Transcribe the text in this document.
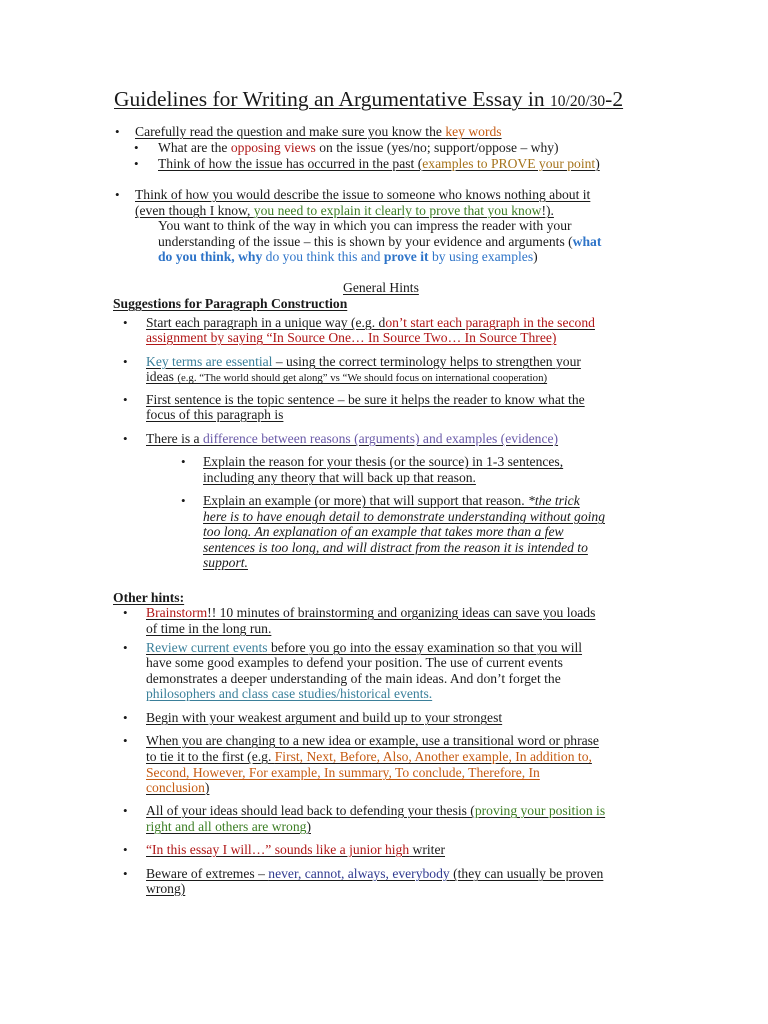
Guidelines for Writing an Argumentative Essay in 10/20/30-2
•	Carefully read the question and make sure you know the key words
• What are the opposing views on the issue (yes/no; support/oppose – why)
• Think of how the issue has occurred in the past (examples to PROVE your point)
•	Think of how you would describe the issue to someone who knows nothing about it
(even though I know, you need to explain it clearly to prove that you know!).
You want to think of the way in which you can impress the reader with your
understanding of the issue – this is shown by your evidence and arguments (what
do you think, why do you think this and prove it by using examples)
General Hints
Suggestions for Paragraph Construction
•	Start each paragraph in a unique way (e.g. don’t start each paragraph in the second
assignment by saying “In Source One… In Source Two… In Source Three)
•	Key terms are essential – using the correct terminology helps to strengthen your
ideas (e.g. “The world should get along” vs “We should focus on international cooperation)
•	First sentence is the topic sentence – be sure it helps the reader to know what the
focus of this paragraph is
•	There is a difference between reasons (arguments) and examples (evidence)
•	Explain the reason for your thesis (or the source) in 1-3 sentences,
including any theory that will back up that reason.
•	Explain an example (or more) that will support that reason. *the trick
here is to have enough detail to demonstrate understanding without going
too long. An explanation of an example that takes more than a few
sentences is too long, and will distract from the reason it is intended to
support.
Other hints:
•	Brainstorm!! 10 minutes of brainstorming and organizing ideas can save you loads
of time in the long run.
•	Review current events before you go into the essay examination so that you will
have some good examples to defend your position. The use of current events
demonstrates a deeper understanding of the main ideas. And don’t forget the
philosophers and class case studies/historical events.
•	Begin with your weakest argument and build up to your strongest
•	When you are changing to a new idea or example, use a transitional word or phrase
to tie it to the first (e.g. First, Next, Before, Also, Another example, In addition to,
Second, However, For example, In summary, To conclude, Therefore, In
conclusion)
•	All of your ideas should lead back to defending your thesis (proving your position is
right and all others are wrong)
•	“In this essay I will…” sounds like a junior high writer
•	Beware of extremes – never, cannot, always, everybody (they can usually be proven
wrong)
